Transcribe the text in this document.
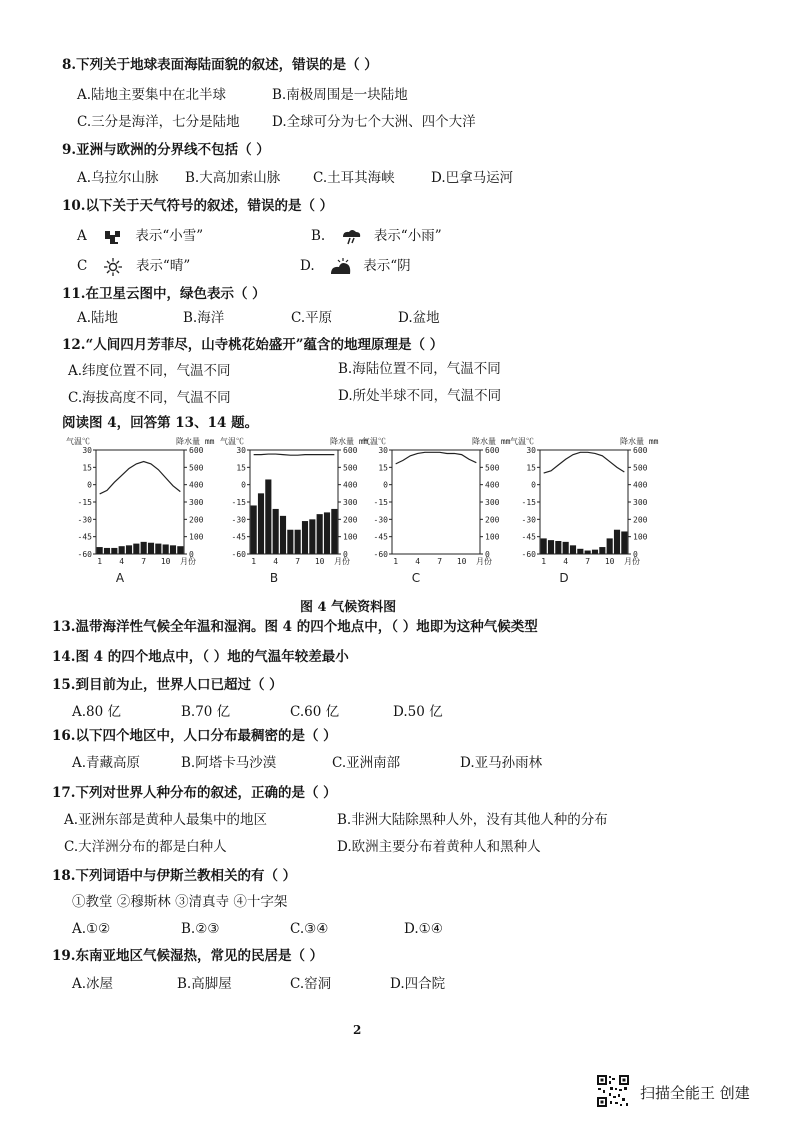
8.下列关于地球表面海陆面貌的叙述，错误的是（ ）
A.陆地主要集中在北半球	B.南极周围是一块陆地
C.三分是海洋，七分是陆地 D.全球可分为七个大洲、四个大洋
9.亚洲与欧洲的分界线不包括（ ）
A.乌拉尔山脉 B.大高加索山脉 C.土耳其海峡	D.巴拿马运河
10.以下关于天气符号的叙述，错误的是（ ）
A	表示“小雪”	B.	表示“小雨”
C	表示“晴”	D.	表示“阴
11.在卫星云图中，绿色表示（ ）
A.陆地	B.海洋	C.平原	D.盆地
12.“人间四月芳菲尽，山寺桃花始盛开”蕴含的地理原理是（ ）
A.纬度位置不同，气温不同	B.海陆位置不同，气温不同
C.海拔高度不同，气温不同	D.所处半球不同，气温不同
阅读图 4，回答第 13、14 题。
气温℃	降水量 mm
30
15
0
-15
-30
-45
-60
600
500
400
300
200
100
0
1 4 7 10 月份
A
气温℃	降水量 mm
30
15
0
-15
-30
-45
-60
600
500
400
300
200
100
0
1 4 7 10 月份
B
气温℃	降水量 mm
30
15
0
-15
-30
-45
-60
600
500
400
300
200
100
0
1 4 7 10 月份
C
气温℃	降水量 mm
30
15
0
-15
-30
-45
-60
600
500
400
300
200
100
0
1 4 7 10 月份
D
图 4 气候资料图
13.温带海洋性气候全年温和湿润。图 4 的四个地点中，（ ）地即为这种气候类型
14.图 4 的四个地点中，（ ）地的气温年较差最小
15.到目前为止，世界人口已超过（ ）
A.80 亿	B.70 亿	C.60 亿	D.50 亿
16.以下四个地区中，人口分布最稠密的是（ ）
A.青藏高原	B.阿塔卡马沙漠	C.亚洲南部	D.亚马孙雨林
17.下列对世界人种分布的叙述，正确的是（ ）
A.亚洲东部是黄种人最集中的地区	B.非洲大陆除黑种人外，没有其他人种的分布
C.大洋洲分布的都是白种人	D.欧洲主要分布着黄种人和黑种人
18.下列词语中与伊斯兰教相关的有（ ）
①教堂 ②穆斯林 ③清真寺 ④十字架
A.①②	B.②③	C.③④	D.①④
19.东南亚地区气候湿热，常见的民居是（ ）
A.冰屋	B.高脚屋	C.窑洞	D.四合院
2
扫描全能王 创建
